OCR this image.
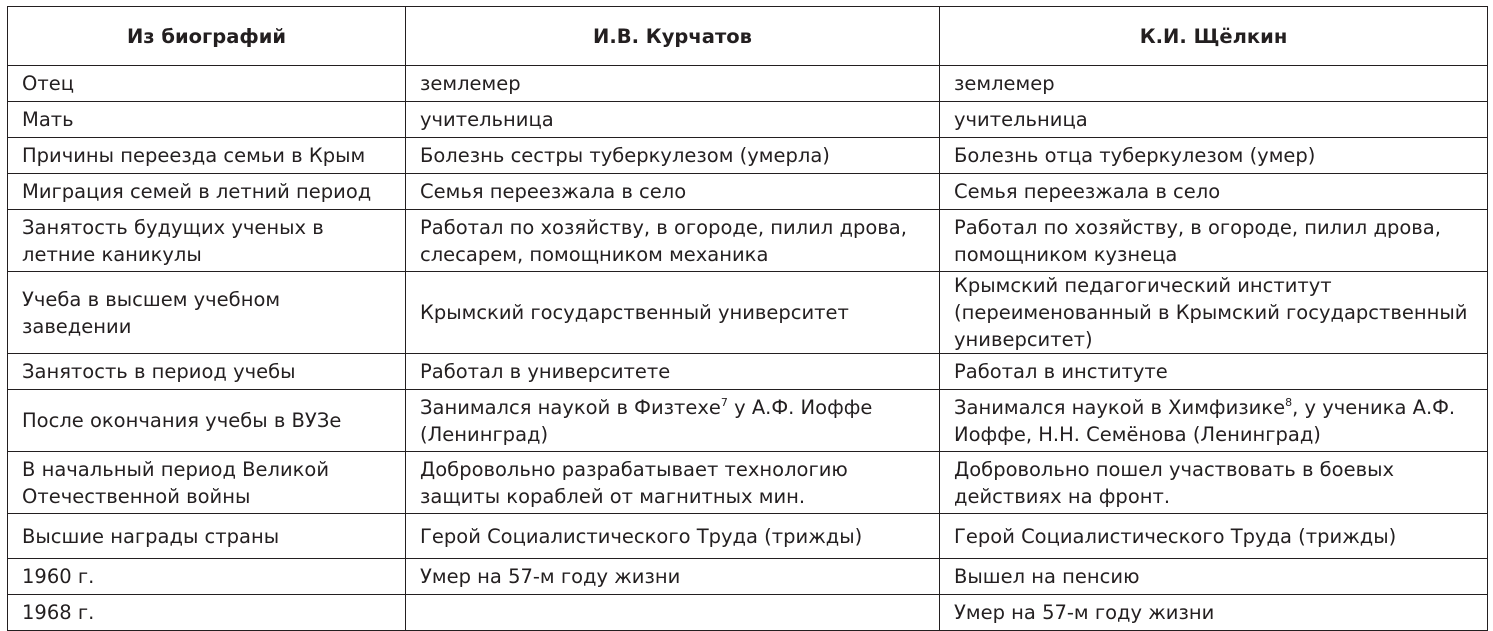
Из биографий	И.В. Курчатов	К.И. Щёлкин
Отец	землемер	землемер
Мать	учительница	учительница
Причины переезда семьи в Крым	Болезнь сестры туберкулезом (умерла)	Болезнь отца туберкулезом (умер)
Миграция семей в летний период	Семья переезжала в село	Семья переезжала в село
Занятость будущих ученых в летние каникулы	Работал по хозяйству, в огороде, пилил дрова, слесарем, помощником механика	Работал по хозяйству, в огороде, пилил дрова, помощником кузнеца
Учеба в высшем учебном заведении	Крымский государственный университет	Крымский педагогический институт (переименованный в Крымский государственный университет)
Занятость в период учебы	Работал в университете	Работал в институте
После окончания учебы в ВУЗе	Занимался наукой в Физтехе$^7$ у А.Ф. Иоффе (Ленинград)	Занимался наукой в Химфизике$^8$, у ученика А.Ф. Иоффе, Н.Н. Семёнова (Ленинград)
В начальный период Великой Отечественной войны	Добровольно разрабатывает технологию защиты кораблей от магнитных мин.	Добровольно пошел участвовать в боевых действиях на фронт.
Высшие награды страны	Герой Социалистического Труда (трижды)	Герой Социалистического Труда (трижды)
1960 г.	Умер на 57-м году жизни	Вышел на пенсию
1968 г.		Умер на 57-м году жизни
